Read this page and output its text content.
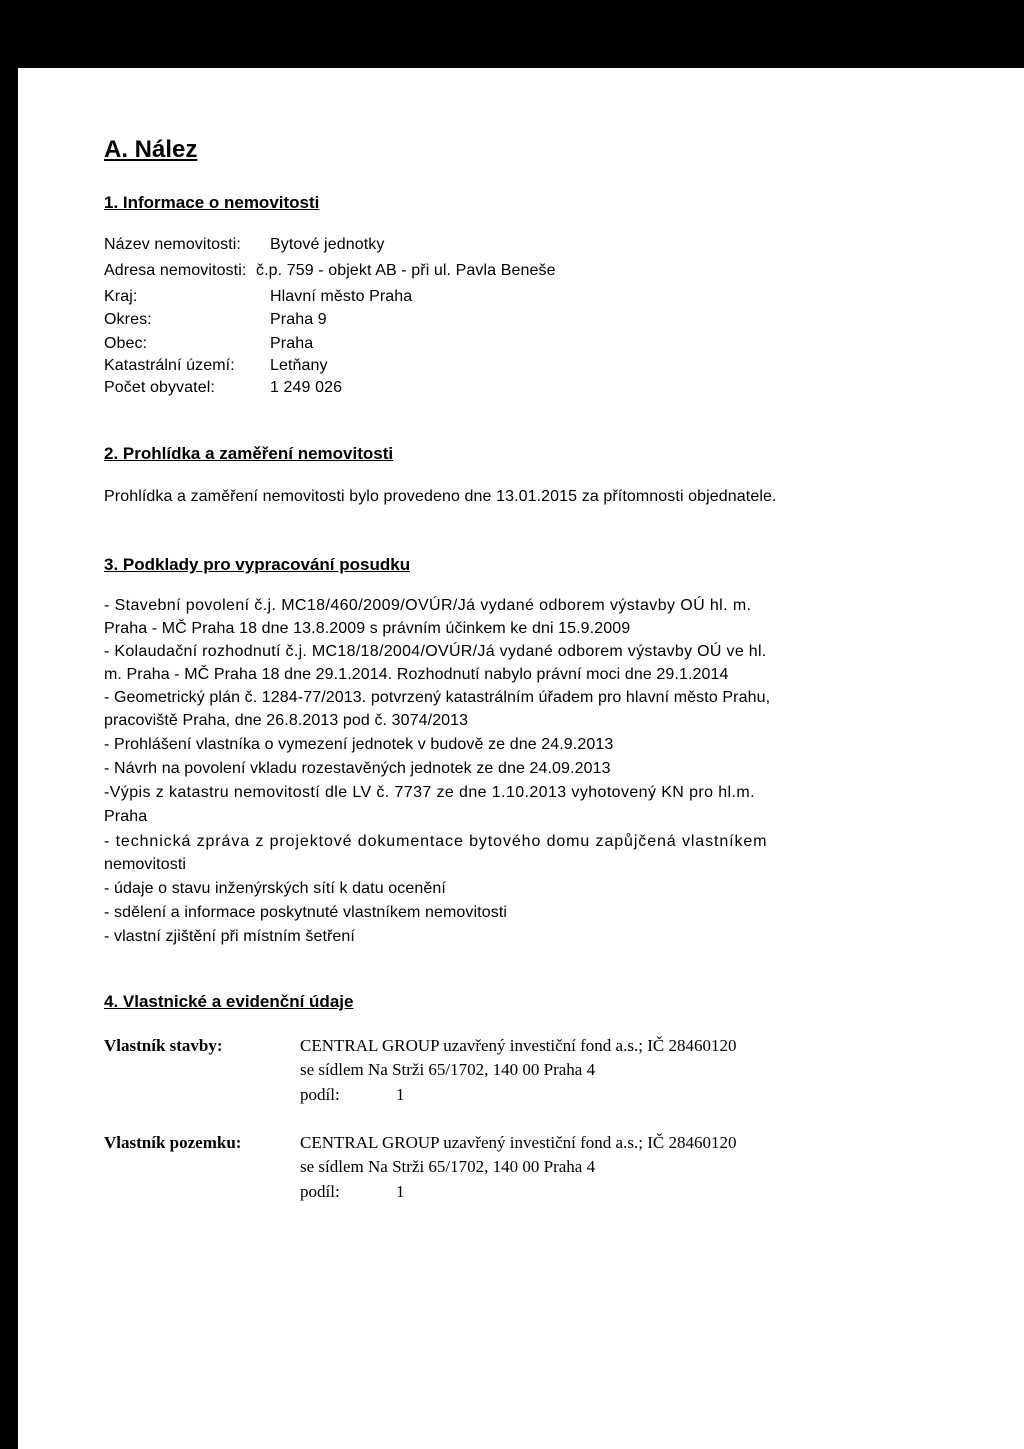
A. Nález
1. Informace o nemovitosti
Název nemovitosti: Bytové jednotky
Adresa nemovitosti: č.p. 759 - objekt AB - při ul. Pavla Beneše
Kraj:	Hlavní město Praha
Okres:	Praha 9
Obec:	Praha
Katastrální území: Letňany
Počet obyvatel:	1 249 026
2. Prohlídka a zaměření nemovitosti
Prohlídka a zaměření nemovitosti bylo provedeno dne 13.01.2015 za přítomnosti objednatele.
3. Podklady pro vypracování posudku
- Stavební povolení č.j. MC18/460/2009/OVÚR/Já vydané odborem výstavby OÚ hl. m.
Praha - MČ Praha 18 dne 13.8.2009 s právním účinkem ke dni 15.9.2009
- Kolaudační rozhodnutí č.j. MC18/18/2004/OVÚR/Já vydané odborem výstavby OÚ ve hl.
m. Praha - MČ Praha 18 dne 29.1.2014. Rozhodnutí nabylo právní moci dne 29.1.2014
- Geometrický plán č. 1284-77/2013. potvrzený katastrálním úřadem pro hlavní město Prahu,
pracoviště Praha, dne 26.8.2013 pod č. 3074/2013
- Prohlášení vlastníka o vymezení jednotek v budově ze dne 24.9.2013
- Návrh na povolení vkladu rozestavěných jednotek ze dne 24.09.2013
-Výpis z katastru nemovitostí dle LV č. 7737 ze dne 1.10.2013 vyhotovený KN pro hl.m.
Praha
- technická zpráva z projektové dokumentace bytového domu zapůjčená vlastníkem
nemovitosti
- údaje o stavu inženýrských sítí k datu ocenění
- sdělení a informace poskytnuté vlastníkem nemovitosti
- vlastní zjištění při místním šetření
4. Vlastnické a evidenční údaje
Vlastník stavby:	CENTRAL GROUP uzavřený investiční fond a.s.; IČ 28460120
se sídlem Na Strži 65/1702, 140 00 Praha 4
podíl:	1
Vlastník pozemku:	CENTRAL GROUP uzavřený investiční fond a.s.; IČ 28460120
se sídlem Na Strži 65/1702, 140 00 Praha 4
podíl:	1
